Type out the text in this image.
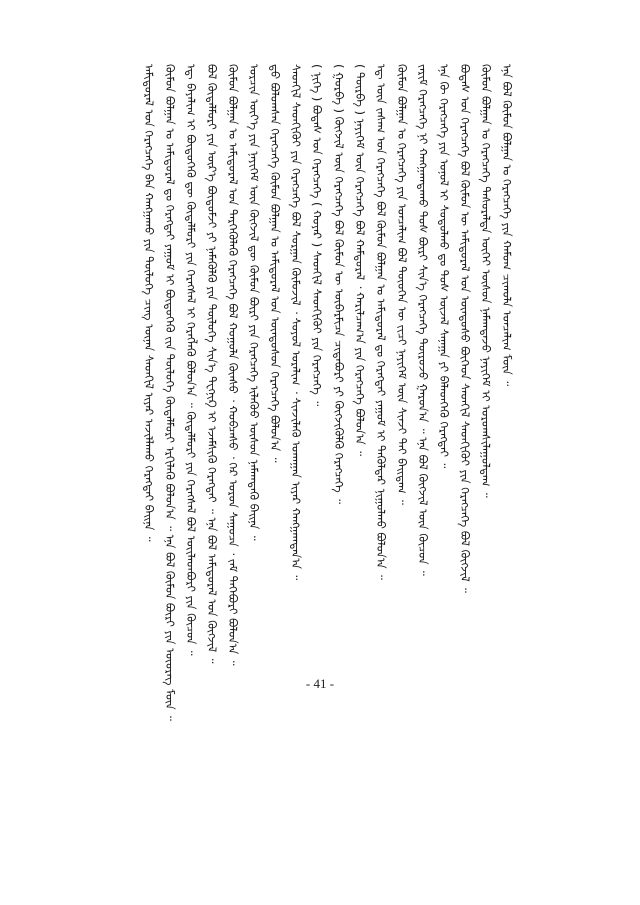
ᠠᠮᠢᠳᠤᠷᠠᠯ ᠤᠨ ᠬᠡᠷᠡᠭᠴᠡᠭᠡ ᠪᠡᠨ ᠬᠠᠩᠭᠠᠬᠤ ᠶᠢᠨ ᠲᠥᠯᠥᠭᠡ ᠴᠢᠩ ᠦᠨᠡᠨ ᠰᠡᠳᠬᠢᠯ ᠢᠶᠡᠷ ᠠᠵᠢᠯᠯᠠᠬᠤ ᠬᠡᠷᠡᠭᠲᠡᠢ ᠪᠠᠢᠨᠠ ᠃ ᠬᠦᠮᠦᠨ ᠪᠣᠯᠭᠠᠨ ᠤ ᠠᠮᠢᠳᠤᠷᠠᠯ ᠳᠤ ᠬᠡᠷᠡᠭᠲᠡᠢ ᠶᠠᠭᠤᠮ ᠢ ᠪᠦᠲᠦᠭᠡᠬᠦ ᠵᠢᠨ ᠲᠥᠯᠥᠭᠡ ᠬᠥᠳᠡᠯᠮᠦᠷᠢ ᠡᠷᠬᠢᠯᠡᠬᠦ ᠪᠣᠯᠤᠨ᠎ᠠ ᠃ ᠡᠨᠡ ᠪᠣᠯ ᠬᠦᠮᠦᠨ ᠪᠦᠷᠢ ᠶᠢᠨ ᠦᠦᠷᠡᠭ ᠮᠥᠨ ᠃ ᠡᠳ᠋ ᠪᠠᠶᠠᠯᠢᠭ ᠢ ᠪᠦᠲᠦᠭᠡᠬᠦ ᠳᠦ ᠬᠥᠳᠡᠯᠮᠦᠷᠢ ᠶᠢᠨ ᠬᠡᠷᠡᠭᠰᠡᠯ ᠢ ᠬᠡᠷᠡᠭᠯᠡᠬᠦ ᠪᠣᠯᠤᠨ᠎ᠠ ᠃ ᠬᠥᠳᠡᠯᠮᠦᠷᠢ ᠶᠢᠨ ᠬᠡᠷᠡᠭᠰᠡᠯ ᠪᠣᠯ ᠦᠢᠯᠡᠳᠪᠦᠷᠢ ᠶᠢᠨ ᠬᠦᠴᠦᠨ ᠃ ᠪᠣᠯ ᠬᠥᠳᠡᠯᠮᠦᠷᠢ ᠶᠢᠨ ᠦᠷ᠎ᠡ ᠪᠦᠲᠦᠮᠵᠢ ᠶᠢ ᠨᠡᠮᠡᠭᠦᠯᠬᠦ ᠶᠢᠨ ᠲᠥᠯᠥᠭᠡ ᠰᠢᠨ᠎ᠡ ᠲᠧᠬᠨᠢᠺ ᠢ ᠡᠵᠡᠮᠰᠢᠬᠦ ᠬᠡᠷᠡᠭᠲᠡᠢ ᠃ ᠡᠨᠡ ᠪᠣᠯ ᠠᠮᠢᠳᠤᠷᠠᠯ ᠤᠨ ᠬᠥᠭᠵᠢᠯ ᠃ ᠬᠦᠮᠦᠨ ᠪᠣᠯᠭᠠᠨ ᠤ ᠠᠮᠢᠳᠤᠷᠠᠯ ᠤᠨ ᠲᠡᠷᠭᠡᠭᠦᠯᠡᠬᠦ ᠬᠡᠷᠡᠭᠴᠡᠭᠡ ᠪᠣᠯ ᠬᠣᠭᠣᠯᠠ ᠬᠦᠨᠰᠦ ᠂ ᠬᠤᠪᠴᠠᠰᠤ ᠂ ᠭᠡᠷ ᠤᠷᠤᠨ ᠰᠠᠭᠤᠴᠠ ᠂ ᠵᠠᠮ ᠲᠡᠭᠡᠪᠦᠷᠢ ᠪᠣᠯᠤᠨ᠎ᠠ ᠃ ᠣᠷᠴᠢᠨ ᠦᠶ᠎ᠡ ᠶᠢᠨ ᠨᠡᠶᠢᠭᠡᠮ ᠦᠨ ᠬᠥᠭᠵᠢᠯ ᠳᠦ ᠬᠦᠮᠦᠨ ᠪᠦᠷᠢ ᠶᠢᠨ ᠬᠡᠷᠡᠭᠴᠡᠭᠡ ᠢᠯᠡᠭᠦᠦ ᠥᠰᠦᠨ ᠨᠡᠮᠡᠭ᠍ᠳᠡᠬᠦ ᠪᠠᠢᠨᠠ ᠃ ᠳ᠋ᠤ ᠪᠣᠯᠤᠭᠰᠠᠨ ᠬᠡᠷᠡᠭᠴᠡᠭᠡ ᠬᠦᠮᠦᠨ ᠪᠣᠯᠭᠠᠨ ᠤ ᠠᠮᠢᠳᠤᠷᠠᠯ ᠤᠨ ᠦᠨᠳᠦᠰᠦᠨ ᠬᠡᠷᠡᠭᠴᠡᠭᠡ ᠪᠣᠯᠤᠨ᠎ᠠ ᠃ ᠰᠡᠳᠬᠢᠯ ᠰᠡᠳᠬᠢᠬᠦᠢ ᠶᠢᠨ ᠬᠡᠷᠡᠭᠴᠡᠭᠡ ᠪᠣᠯ ᠰᠤᠷᠭᠠᠨ ᠬᠦᠮᠦᠵᠢᠯ ᠂ ᠰᠣᠶᠣᠯ ᠤᠷᠠᠯᠢᠭ ᠂ ᠰᠢᠨᠵᠢᠯᠡᠬᠦ ᠤᠬᠠᠭᠠᠨ ᠢᠶᠠᠷ ᠬᠠᠩᠭᠠᠭᠳᠠᠨ᠎ᠠ ᠃ ( ᠨᠢᠭᠡ ) ᠪᠣᠳᠠᠰ ᠤᠨ ᠬᠡᠷᠡᠭᠴᠡᠭᠡ ( ᠬᠣᠶᠠᠷ ) ᠰᠡᠳᠬᠢᠯ ᠰᠡᠳᠬᠢᠬᠦᠢ ᠶᠢᠨ ᠬᠡᠷᠡᠭᠴᠡᠭᠡ ᠃ ( ᠭᠤᠷᠪᠠ ) ᠬᠥᠭᠵᠢᠯ ᠦᠨ ᠬᠡᠷᠡᠭᠴᠡᠭᠡ ᠪᠣᠯ ᠬᠦᠮᠦᠨ ᠦ ᠥᠪᠡᠷᠮᠢᠴᠡ ᠴᠢᠳᠠᠪᠤᠷᠢ ᠶᠢ ᠬᠥᠭᠵᠢᠭᠦᠯᠬᠦ ᠬᠡᠷᠡᠭᠴᠡᠭᠡ ᠃ ( ᠳᠥᠷᠪᠡ ) ᠨᠡᠶᠢᠭᠡᠮ ᠦᠨ ᠬᠡᠷᠡᠭᠴᠡᠭᠡ ᠪᠣᠯ ᠬᠠᠮᠲᠤᠷᠠᠯ ᠂ ᠬᠠᠷᠢᠯᠴᠠᠭ᠎ᠠ ᠶᠢᠨ ᠬᠡᠷᠡᠭᠴᠡᠭᠡ ᠪᠣᠯᠤᠨ᠎ᠠ ᠃ ᠡᠳ᠋ ᠦᠨ ᠵᠠᠰᠠᠭ ᠤᠨ ᠬᠡᠷᠡᠭᠴᠡᠭᠡ ᠪᠣᠯ ᠬᠦᠮᠦᠨ ᠪᠣᠯᠭᠠᠨ ᠤ ᠠᠮᠢᠳᠤᠷᠠᠯ ᠳᠤ ᠬᠡᠷᠡᠭᠲᠡᠢ ᠶᠠᠭᠤᠮ ᠢ ᠲᠡᠭᠦᠯᠳᠡᠷ ᠨᠢᠭᠤᠯᠬᠤ ᠪᠣᠯᠤᠨ᠎ᠠ ᠃ ᠬᠦᠮᠦᠨ ᠪᠣᠯᠭᠠᠨ ᠤ ᠬᠡᠷᠡᠭᠴᠡᠭᠡ ᠶᠢᠨ ᠣᠨᠴᠠᠯᠢᠭ ᠪᠣᠯ ᠲᠦᠦᠬᠡᠨ ᠦ ᠵᠢᠴᠢ ᠨᠡᠶᠢᠭᠡᠮ ᠦᠨ ᠰᠢᠨᠵᠢ ᠲᠡᠢ ᠪᠠᠢᠳᠠᠭ ᠃ ᠵᠠᠷᠢᠮ ᠬᠡᠷᠡᠭᠴᠡᠭᠡ ᠨᠢ ᠬᠠᠩᠭᠠᠭᠳᠠᠬᠤ ᠲᠤᠰ ᠪᠦᠷᠢ ᠰᠢᠨ᠎ᠡ ᠬᠡᠷᠡᠭᠴᠡᠭᠡ ᠲᠥᠷᠥᠵᠦ ᠭᠠᠷᠤᠨ᠎ᠠ ᠃ ᠡᠨᠡ ᠪᠣᠯ ᠬᠥᠭᠵᠢᠯ ᠦᠨ ᠬᠦᠴᠦᠨ ᠃ ᠡᠨᠡ ᠬᠦ ᠬᠡᠷᠡᠭᠴᠡᠭᠡ ᠶᠢᠨ ᠣᠨᠣᠯ ᠢ ᠰᠤᠳᠤᠯᠬᠤ ᠳᠤ ᠲᠤᠰ ᠦᠵᠡᠯ ᠰᠠᠨᠠᠭᠠ ᠶᠢ ᠪᠡᠯᠡᠳᠬᠡᠬᠦ ᠬᠡᠷᠡᠭᠲᠡᠢ ᠃ ᠪᠣᠳᠠᠰ ᠤᠨ ᠬᠡᠷᠡᠭᠴᠡᠭᠡ ᠪᠣᠯ ᠬᠦᠮᠦᠨ ᠦ ᠠᠮᠢᠳᠤᠷᠠᠯ ᠤᠨ ᠥᠨᠳᠥᠰᠥ ᠪᠥᠭᠡᠳ ᠰᠡᠳᠬᠢᠯ ᠰᠡᠳᠬᠢᠬᠦᠢ ᠶᠢᠨ ᠬᠡᠷᠡᠭᠴᠡᠭᠡ ᠪᠣᠯ ᠬᠥᠭᠵᠢᠯ ᠃ ᠬᠦᠮᠦᠨ ᠪᠣᠯᠭᠠᠨ ᠤ ᠬᠡᠷᠡᠭᠴᠡᠭᠡ ᠲᠠᠰᠤᠷᠠᠯᠲᠠ ᠦᠭᠡᠢ ᠥᠰᠦᠨ ᠨᠡᠮᠡᠭ᠍ᠳᠡᠵᠦ ᠨᠡᠶᠢᠭᠡᠮ ᠢ ᠤᠷᠤᠭᠰᠢᠯᠠᠭᠤᠯᠳᠠᠭ ᠃ ᠡᠨᠡ ᠪᠣᠯ ᠬᠦᠮᠦᠨ ᠪᠣᠯᠭᠠᠨ ᠤ ᠬᠡᠷᠡᠭᠴᠡᠭᠡ ᠶᠢᠨ ᠬᠠᠮᠤᠭ ᠴᠢᠬᠤᠯᠠ ᠣᠨᠴᠠᠯᠢᠭ ᠮᠥᠨ ᠃
- 41 -
